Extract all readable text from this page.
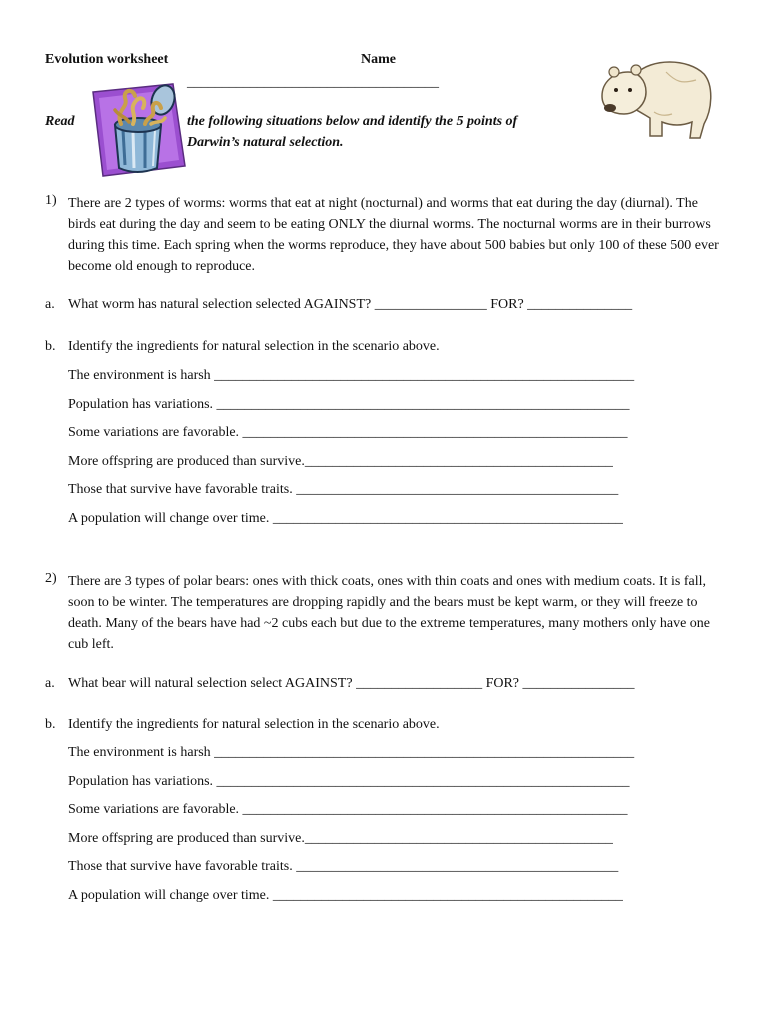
Evolution worksheet	Name
____________________________________
Read	the following situations below and identify the 5 points of
Darwin’s natural selection.
1) There are 2 types of worms: worms that eat at night (nocturnal) and worms that eat during the day (diurnal). The birds eat during the day and seem to be eating ONLY the diurnal worms. The nocturnal worms are in their burrows during this time. Each spring when the worms reproduce, they have about 500 babies but only 100 of these 500 ever become old enough to reproduce.
a. What worm has natural selection selected AGAINST? ________________ FOR? _______________
b. Identify the ingredients for natural selection in the scenario above.
The environment is harsh ____________________________________________________________
Population has variations. ___________________________________________________________
Some variations are favorable. _______________________________________________________
More offspring are produced than survive.____________________________________________
Those that survive have favorable traits. ______________________________________________
A population will change over time. __________________________________________________
2) There are 3 types of polar bears: ones with thick coats, ones with thin coats and ones with medium coats. It is fall, soon to be winter. The temperatures are dropping rapidly and the bears must be kept warm, or they will freeze to death. Many of the bears have had ~2 cubs each but due to the extreme temperatures, many mothers only have one cub left.
a. What bear will natural selection select AGAINST? __________________ FOR? ________________
b. Identify the ingredients for natural selection in the scenario above.
The environment is harsh ____________________________________________________________
Population has variations. ___________________________________________________________
Some variations are favorable. _______________________________________________________
More offspring are produced than survive.____________________________________________
Those that survive have favorable traits. ______________________________________________
A population will change over time. __________________________________________________
